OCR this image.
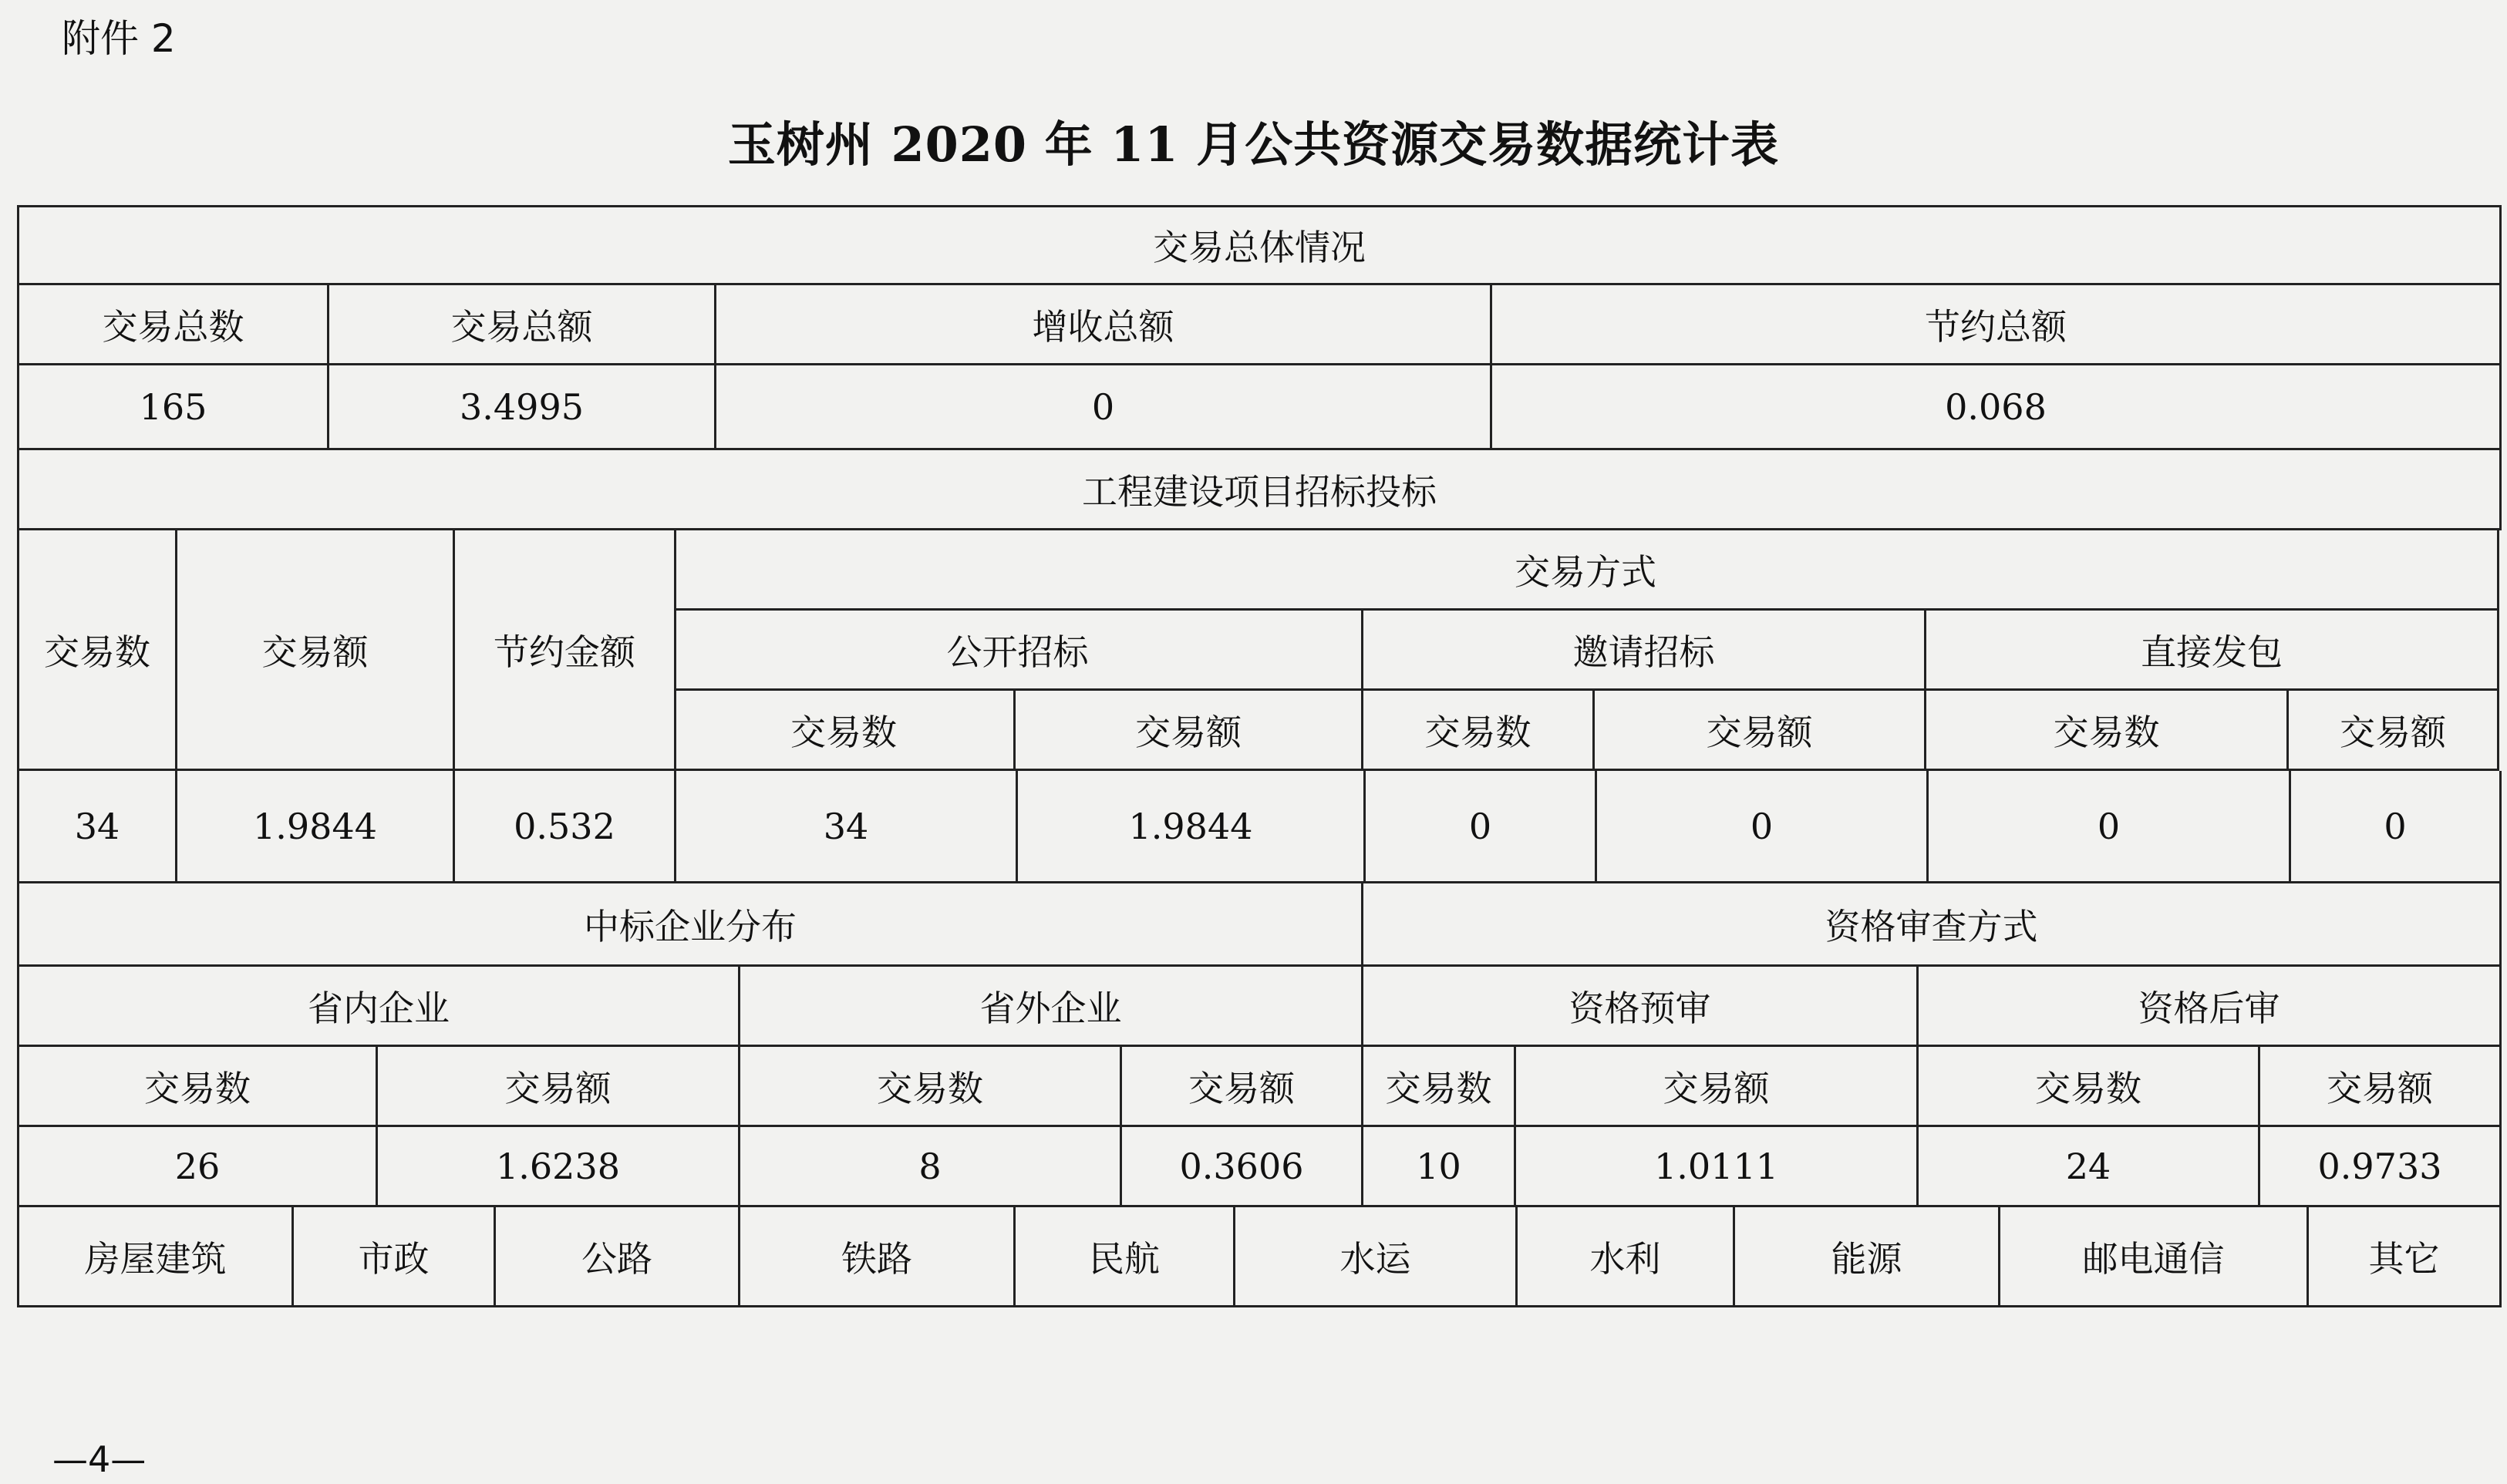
附件 2
玉树州 2020 年 11 月公共资源交易数据统计表
交易总体情况
交易总数	交易总额	增收总额	节约总额
165	3.4995	0	0.068
工程建设项目招标投标
交易数	交易额	节约金额
交易方式
公开招标	邀请招标	直接发包
交易数	交易额	交易数	交易额	交易数	交易额
34	1.9844	0.532	34	1.9844	0	0	0	0
中标企业分布	资格审查方式
省内企业	省外企业	资格预审	资格后审
交易数	交易额	交易数	交易额	交易数	交易额	交易数	交易额
26	1.6238	8	0.3606	10	1.0111	24	0.9733
房屋建筑	市政	公路	铁路	民航	水运	水利	能源	邮电通信	其它
—4—
